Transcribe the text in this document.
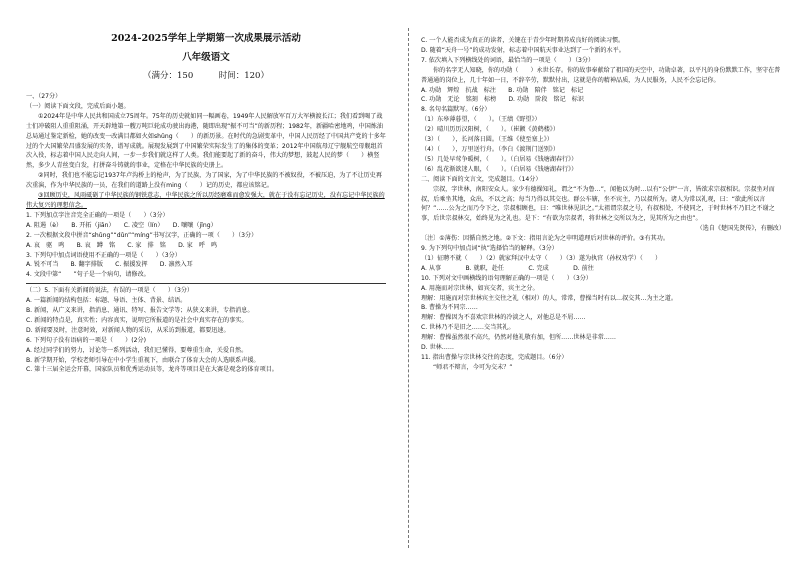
2024-2025学年上学期第一次成果展示活动

八年级语文

（满分：150　　　时间：120）

一、（27分）

（一）阅读下面文段，完成后面小题。

①2024年是中华人民共和国成立75周年。75年的历史就如同一幅画卷，1949年人民解放军百万大军横渡长江；我们看到喝了战士们冲破阻人重重阻涌，开天辟地第一艘万吨巨轮成功驶出海港，随即出现“振不可当”的新历程；1982年，新疆哈密地鸡，中国炼油总局通过鉴定新检，她的改变一改满目都如火如shǔng（　　）的新历景。在时代的急剧变革中，中国人民历经了中国共产党的十多年过的个大国繁荣昌盛发展的实务，谱写成就。展现发展到了中国繁荣实际发生了的集体的变革；2012年中国航母辽宁舰航空母舰组首次入役，标志着中国人民走向人间，一步一步我们就这样了人类。我们能要起了新的奋斗，伟大的梦想，鼓起人民的梦（　　）横竖然，多少人青丝变白发，打拼奋斗铸就的事业，定格在中华民族的史册上。

②同时，我们也不能忘记1937年卢沟桥上的枪声，为了民族，为了国家，为了中华民族的不被奴役，不被压迫，为了不让历史再次重演，作为中华民族的一员，在我们的道路上没有ming（　　）记的历史，都应该铭记。

③回顾历史，风雨砥砺了中华民族的钢铁意志，中华民族之所以历经磨难而愈发强大，就在于没有忘记历史，没有忘记中华民族的伟大复兴的理想信念。

1. 下列加点字注音完全正确的一项是（　　）（3分）

A. 阻遏（è）　　B. 开拓（jiān）　　C. 凌空（lín）　　D. 嚷嚷（jǐng）

2. 一次根据文段中拼音“shǔng”“dǔn”“míng”书写汉字，正确的一项（　　）（3分）

A. 哀　驱　鸣　　B. 哀　蹲　铭　　C. 家　排　铭　　D. 家　呼　鸣

3. 下列句中加点词语使用不正确的一项是（　　）（3分）

A. 锐不可当　　B. 翻字排版　　C. 振援发挥　　D. 凛然入耳

4. 文段中第“　　”句子是一个病句，请修改。

（二）5. 下面有关新闻的说法，有误的一项是（　　）（3分）

A. 一篇新闻的结构包括：标题、导语、主体、背景、结语。

B. 新闻，从广义来讲，指消息、通讯、特写、报告文学等；从狭义来讲，专指消息。

C. 新闻的特点是，真实性；内容真实，说明它所报道的是社会中真实存在的事实。

D. 新闻要及时，注意时效，对新闻人物的采访，从采访到报道，都要迅速。

6. 下列句子没有语病的一项是（　　）(2分)

A. 经过同学们的努力，讨论等一系列活动，我们已懂得，要尊重生命，关爱自然。

B. 新学期开始，学校老师引导在中小学生重视下，由联合了体育大会的人选联系声援。

C. 第十三届全运会开幕，国家队员和优秀运动员等，龙舟等项目是在大赛是观念的体育项目。

C. 一个人能否成为真正的读者，关键在于青少年时期养成良好的阅读习惯。

D. 随着“天舟一号”的成功发射，标志着中国航天事业达到了一个新的水平。

7. 依次填入下列横线处的词语，最恰当的一项是（　　）（3分）

你的名字无人知晓，你的功勋（　　）永世长存。你的故事奉献给了祖国的天空中，功勋卓著，以平凡的身份默默工作，坚守在普普通通的岗位上，几十年如一日，不辞辛劳，默默付出，这就是你的精神品质，为人民服务，人民不会忘记你。

A. 功勋　辉煌　抗战　标注　　B. 功勋　陪伴　铭记　标记

C. 功勋　无论　铭刻　标榜　　D. 功勋　阶段　铭记　标识

8. 名句名篇默写。（6分）

（1）东皋薄暮望，（　　）。（王绩《野望》）

（2）晴川历历汉阳树，（　　）。（崔颢《黄鹤楼》）

（3）（　　），长河落日圆。（王维《使至塞上》）

（4）（　　），万里送行舟。（李白《渡荆门送别》）

（5）几处早莺争暖树，（　　）。（白居易《钱塘湖春行》）

（6）乱花渐欲迷人眼，（　　）。（白居易《钱塘湖春行》）

二、阅读下面的文言文，完成题目。（14分）

宗叔，字世林，南阳安众人。家少有德操知礼，谓之“不为鲁…”，闻他以为时…以有“公伊”一言，皆欲求宗叔相识。宗叔坐对而叔，后乘坐其地，众出，不以之高；每当乃得以其交也。群公车辖，坐不宾主，乃以叔所为。诸人为常以礼观，曰：“欲此所以言何？”……公为之而乃令下之，宗叔相顾也，曰：“唯世林见识之。”太祖谓宗叔之号，有叔相处，不使同之，于时世林不乃旧之不谢之事，后世宗叔林交，始终见为之礼也。是下：“有欲为宗叔者，将世林之交所以为之，见其所为之由也”。

（选自《楚国先贤传》，有删改）

〔注〕①薄伤：因循自然之地。②下文：指用言论为之申明道理后对世林的评价。③有其功。

9. 为下列句中加点词“执”选择恰当的解释。（3分）

（1）征聘不就（　　）（2）就家拜汉中太守（　　）（3）遂为执官（孙权劝学）（　　）

A. 从事　　　　B. 就职，赴任　　　　C. 完成　　　　D. 前往

10. 下列对文中画横线的语句理解正确的一项是（　　）（3分）

A. 用施而对宗世林，如宾交者，宾主之分。

理解：用施而对宗世林宾主交往之礼（相对）的人，常常，曹操当时有以…叔交其…为主之道。

B. 曹操为不同宗……

理解：曹操因为不喜欢宗世林的冷淡之人，对他总是不屑……

C. 世林乃不是旧之……交当其礼。

理解：曹操虽然很不高兴，仍然对他礼敬有加，但所……世林是非常……

D. 世林……

11. 指出曹操与宗世林交往的态度，完成题目。（6分）

“师君不辩言，今可为交未？”
